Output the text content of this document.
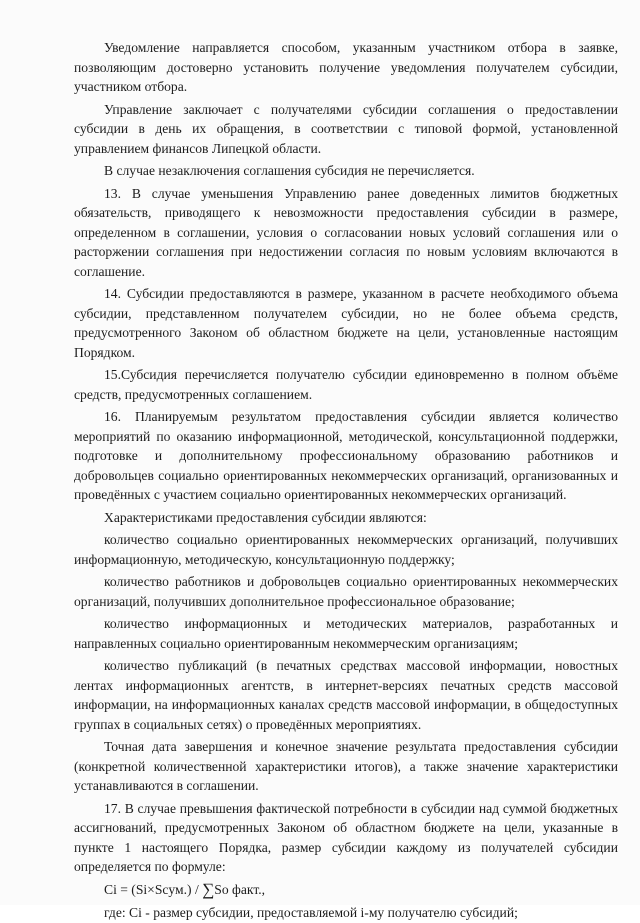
Уведомление направляется способом, указанным участником отбора в заявке, позволяющим достоверно установить получение уведомления получателем субсидии, участником отбора.

Управление заключает с получателями субсидии соглашения о предоставлении субсидии в день их обращения, в соответствии с типовой формой, установленной управлением финансов Липецкой области.

В случае незаключения соглашения субсидия не перечисляется.

13. В случае уменьшения Управлению ранее доведенных лимитов бюджетных обязательств, приводящего к невозможности предоставления субсидии в размере, определенном в соглашении, условия о согласовании новых условий соглашения или о расторжении соглашения при недостижении согласия по новым условиям включаются в соглашение.

14. Субсидии предоставляются в размере, указанном в расчете необходимого объема субсидии, представленном получателем субсидии, но не более объема средств, предусмотренного Законом об областном бюджете на цели, установленные настоящим Порядком.

15.Субсидия перечисляется получателю субсидии единовременно в полном объёме средств, предусмотренных соглашением.

16. Планируемым результатом предоставления субсидии является количество мероприятий по оказанию информационной, методической, консультационной поддержки, подготовке и дополнительному профессиональному образованию работников и добровольцев социально ориентированных некоммерческих организаций, организованных и проведённых с участием социально ориентированных некоммерческих организаций.

Характеристиками предоставления субсидии являются:

количество социально ориентированных некоммерческих организаций, получивших информационную, методическую, консультационную поддержку;

количество работников и добровольцев социально ориентированных некоммерческих организаций, получивших дополнительное профессиональное образование;

количество информационных и методических материалов, разработанных и направленных социально ориентированным некоммерческим организациям;

количество публикаций (в печатных средствах массовой информации, новостных лентах информационных агентств, в интернет-версиях печатных средств массовой информации, на информационных каналах средств массовой информации, в общедоступных группах в социальных сетях) о проведённых мероприятиях.

Точная дата завершения и конечное значение результата предоставления субсидии (конкретной количественной характеристики итогов), а также значение характеристики устанавливаются в соглашении.

17. В случае превышения фактической потребности в субсидии над суммой бюджетных ассигнований, предусмотренных Законом об областном бюджете на цели, указанные в пункте 1 настоящего Порядка, размер субсидии каждому из получателей субсидии определяется по формуле:

Ci = (Si×Scум.) / ∑So факт.,

где: Ci - размер субсидии, предоставляемой i-му получателю субсидий;
